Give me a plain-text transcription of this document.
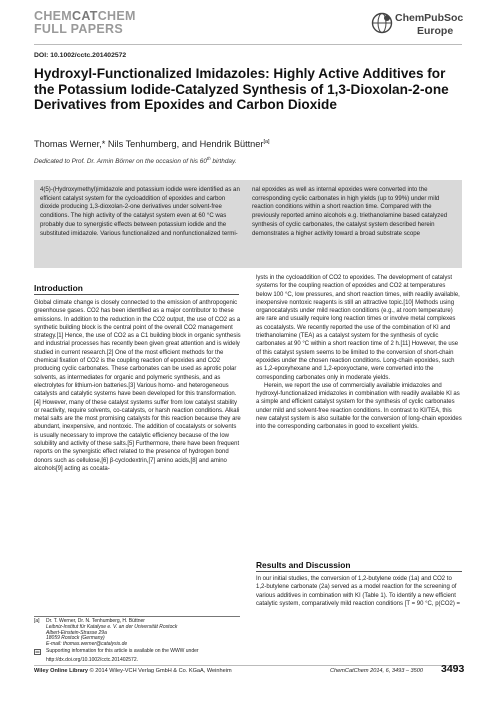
CHEMCATCHEM
FULL PAPERS
ChemPubSoc
Europe
DOI: 10.1002/cctc.201402572
Hydroxyl-Functionalized Imidazoles: Highly Active Additives for the Potassium Iodide-Catalyzed Synthesis of 1,3-Dioxolan-2-one Derivatives from Epoxides and Carbon Dioxide
Thomas Werner,* Nils Tenhumberg, and Hendrik Büttner[a]
Dedicated to Prof. Dr. Armin Börner on the occasion of his 60th birthday.
4(5)-(Hydroxymethyl)imidazole and potassium iodide were identified as an efficient catalyst system for the cycloaddition of epoxides and carbon dioxide producing 1,3-dioxolan-2-one derivatives under solvent-free conditions. The high activity of the catalyst system even at 60 °C was probably due to synergistic effects between potassium iodide and the substituted imidazole. Various functionalized and nonfunctionalized termi-
nal epoxides as well as internal epoxides were converted into the corresponding cyclic carbonates in high yields (up to 99%) under mild reaction conditions within a short reaction time. Compared with the previously reported amino alcohols e.g. triethanolamine based catalyzed synthesis of cyclic carbonates, the catalyst system described herein demonstrates a higher activity toward a broad substrate scope
Introduction

Global climate change is closely connected to the emission of anthropogenic greenhouse gases. CO2 has been identified as a major contributor to these emissions. In addition to the reduction in the CO2 output, the use of CO2 as a synthetic building block is the central point of the overall CO2 management strategy.[1] Hence, the use of CO2 as a C1 building block in organic synthesis and industrial processes has recently been given great attention and is widely studied in current research.[2] One of the most efficient methods for the chemical fixation of CO2 is the coupling reaction of epoxides and CO2 producing cyclic carbonates. These carbonates can be used as aprotic polar solvents, as intermediates for organic and polymeric synthesis, and as electrolytes for lithium-ion batteries.[3] Various homo- and heterogeneous catalysts and catalytic systems have been developed for this transformation.[4] However, many of these catalyst systems suffer from low catalyst stability or reactivity, require solvents, co-catalysts, or harsh reaction conditions. Alkali metal salts are the most promising catalysts for this reaction because they are abundant, inexpensive, and nontoxic. The addition of cocatalysts or solvents is usually necessary to improve the catalytic efficiency because of the low solubility and activity of these salts.[5] Furthermore, there have been frequent reports on the synergistic effect related to the presence of hydrogen bond donors such as cellulose,[6] β-cyclodextrin,[7] amino acids,[8] and amino alcohols[9] acting as cocata-

lysts in the cycloaddition of CO2 to epoxides. The development of catalyst systems for the coupling reaction of epoxides and CO2 at temperatures below 100 °C, low pressures, and short reaction times, with readily available, inexpensive nontoxic reagents is still an attractive topic.[10] Methods using organocatalysts under mild reaction conditions (e.g., at room temperature) are rare and usually require long reaction times or involve metal complexes as cocatalysts. We recently reported the use of the combination of KI and triethanolamine (TEA) as a catalyst system for the synthesis of cyclic carbonates at 90 °C within a short reaction time of 2 h.[11] However, the use of this catalyst system seems to be limited to the conversion of short-chain epoxides under the chosen reaction conditions. Long-chain epoxides, such as 1,2-epoxyhexane and 1,2-epoxyoctane, were converted into the corresponding carbonates only in moderate yields.

Herein, we report the use of commercially available imidazoles and hydroxyl-functionalized imidazoles in combination with readily available KI as a simple and efficient catalyst system for the synthesis of cyclic carbonates under mild and solvent-free reaction conditions. In contrast to KI/TEA, this new catalyst system is also suitable for the conversion of long-chain epoxides into the corresponding carbonates in good to excellent yields.

Results and Discussion

In our initial studies, the conversion of 1,2-butylene oxide (1a) and CO2 to 1,2-butylene carbonate (2a) served as a model reaction for the screening of various additives in combination with KI (Table 1). To identify a new efficient catalytic system, comparatively mild reaction conditions [T = 90 °C, p(CO2) =

[a]	Dr. T. Werner, Dr. N. Tenhumberg, H. Büttner
Leibniz-Institut für Katalyse e. V. an der Universität Rostock
Albert-Einstein-Strasse 29a
18059 Rostock (Germany)
E-mail: thomas.werner@catalysis.de
Supporting information for this article is available on the WWW under
http://dx.doi.org/10.1002/cctc.201402572.
Wiley Online Library © 2014 Wiley-VCH Verlag GmbH & Co. KGaA, Weinheim	ChemCatChem 2014, 6, 3493 – 3500 3493
